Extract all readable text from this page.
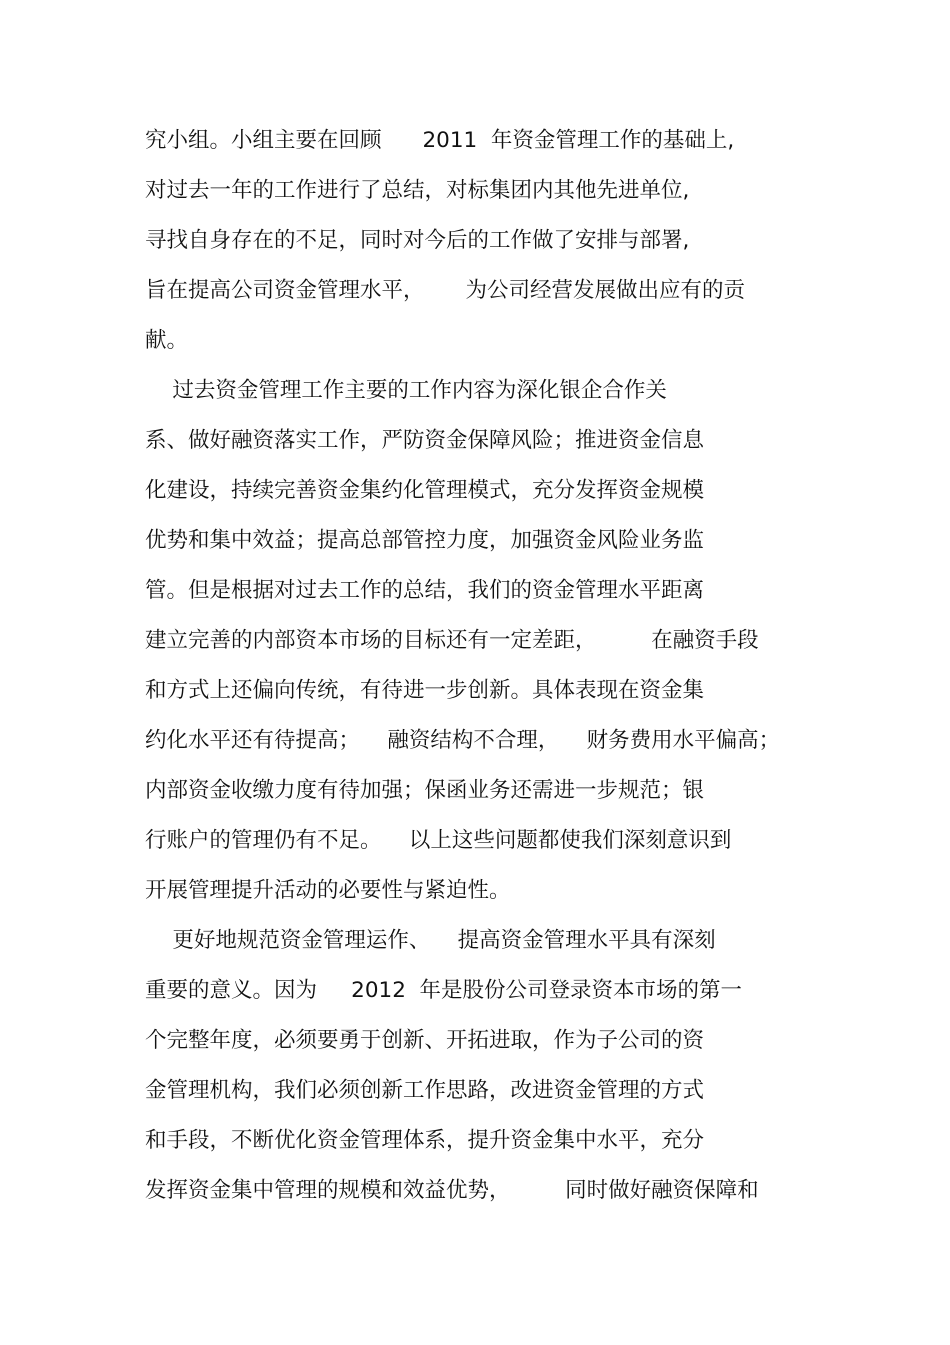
究小组。小组主要在回顾      2011  年资金管理工作的基础上,
对过去一年的工作进行了总结，对标集团内其他先进单位,
寻找自身存在的不足，同时对今后的工作做了安排与部署,
旨在提高公司资金管理水平，      为公司经营发展做出应有的贡
献。
过去资金管理工作主要的工作内容为深化银企合作关
系、做好融资落实工作，严防资金保障风险；推进资金信息
化建设，持续完善资金集约化管理模式，充分发挥资金规模
优势和集中效益；提高总部管控力度，加强资金风险业务监
管。但是根据对过去工作的总结，我们的资金管理水平距离
建立完善的内部资本市场的目标还有一定差距，        在融资手段
和方式上还偏向传统，有待进一步创新。具体表现在资金集
约化水平还有待提高；    融资结构不合理，    财务费用水平偏高；
内部资金收缴力度有待加强；保函业务还需进一步规范；银
行账户的管理仍有不足。    以上这些问题都使我们深刻意识到
开展管理提升活动的必要性与紧迫性。
更好地规范资金管理运作、    提高资金管理水平具有深刻
重要的意义。因为     2012  年是股份公司登录资本市场的第一
个完整年度，必须要勇于创新、开拓进取，作为子公司的资
金管理机构，我们必须创新工作思路，改进资金管理的方式
和手段，不断优化资金管理体系，提升资金集中水平，充分
发挥资金集中管理的规模和效益优势，        同时做好融资保障和
